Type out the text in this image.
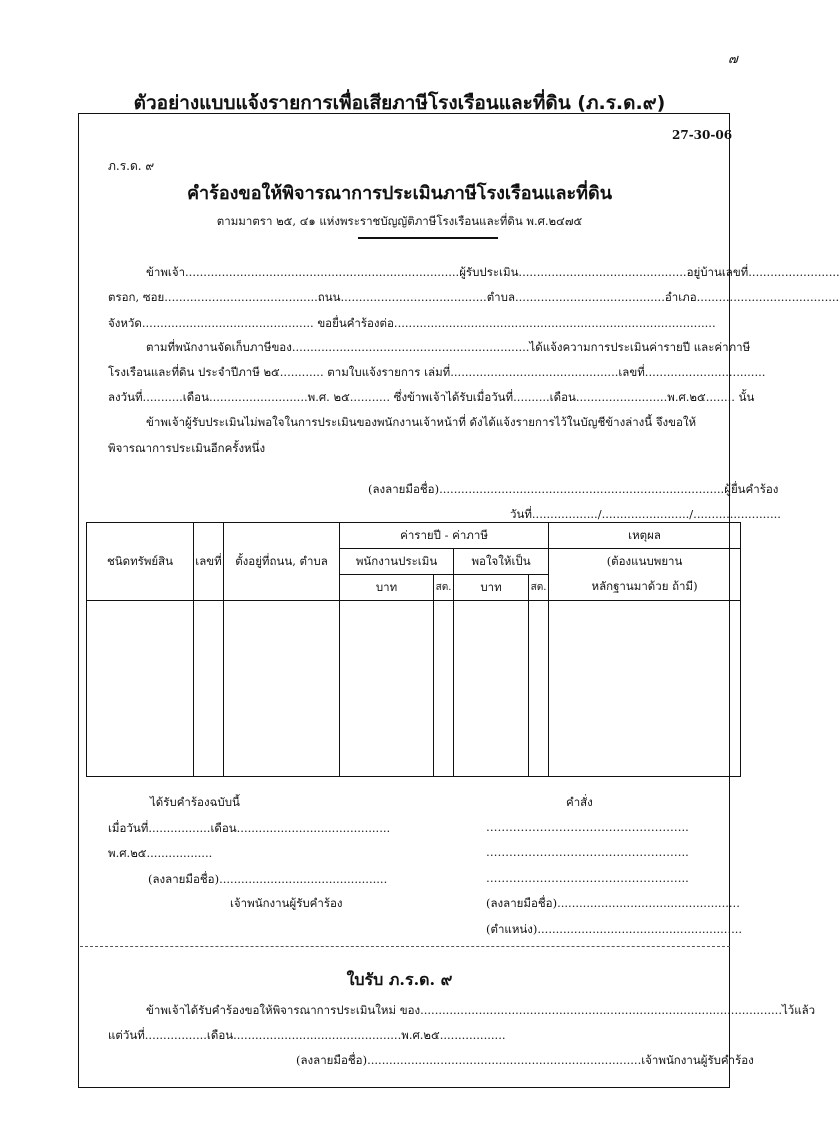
๗
ตัวอย่างแบบแจ้งรายการเพื่อเสียภาษีโรงเรือนและที่ดิน (ภ.ร.ด.๙)
27-30-06
ภ.ร.ด. ๙
คำร้องขอให้พิจารณาการประเมินภาษีโรงเรือนและที่ดิน
ตามมาตรา ๒๕, ๔๑ แห่งพระราชบัญญัติภาษีโรงเรือนและที่ดิน พ.ศ.๒๔๗๕
ข้าพเจ้า...........................................................................ผู้รับประเมิน..............................................อยู่บ้านเลขที่.........................
ตรอก, ซอย..........................................ถนน........................................ตำบล.........................................อำเภอ.......................................
จังหวัด............................................... ขอยื่นคำร้องต่อ........................................................................................
ตามที่พนักงานจัดเก็บภาษีของ.................................................................ได้แจ้งความการประเมินค่ารายปี และค่าภาษี
โรงเรือนและที่ดิน ประจำปีภาษี ๒๕............ ตามใบแจ้งรายการ เล่มที่..............................................เลขที่.................................
ลงวันที่...........เดือน...........................พ.ศ. ๒๕........... ซึ่งข้าพเจ้าได้รับเมื่อวันที่..........เดือน.........................พ.ศ.๒๕........ นั้น
ข้าพเจ้าผู้รับประเมินไม่พอใจในการประเมินของพนักงานเจ้าหน้าที่ ดังได้แจ้งรายการไว้ในบัญชีข้างล่างนี้ จึงขอให้
พิจารณาการประเมินอีกครั้งหนึ่ง
(ลงลายมือชื่อ)..............................................................................ผู้ยื่นคำร้อง
วันที่................../......................../........................
ชนิดทรัพย์สิน	เลขที่	ตั้งอยู่ที่ถนน, ตำบล	ค่ารายปี - ค่าภาษี				เหตุผล
			พนักงานประเมิน		พอใจให้เป็น		(ต้องแนบพยาน
			บาท	สต.	บาท	สต.	หลักฐานมาด้วย ถ้ามี)

ได้รับคำร้องฉบับนี้
เมื่อวันที่.................เดือน..........................................
พ.ศ.๒๕..................
(ลงลายมือชื่อ)..............................................
เจ้าพนักงานผู้รับคำร้อง
คำสั่ง
……………………………………………..
……………………………………………..
……………………………………………..
(ลงลายมือชื่อ)..................................................
(ตำแหน่ง)........................................................
ใบรับ ภ.ร.ด. ๙
ข้าพเจ้าได้รับคำร้องขอให้พิจารณาการประเมินใหม่ ของ...................................................................................................ไว้แล้ว
แต่วันที่.................เดือน..............................................พ.ศ.๒๕..................
(ลงลายมือชื่อ)...........................................................................เจ้าพนักงานผู้รับคำร้อง
